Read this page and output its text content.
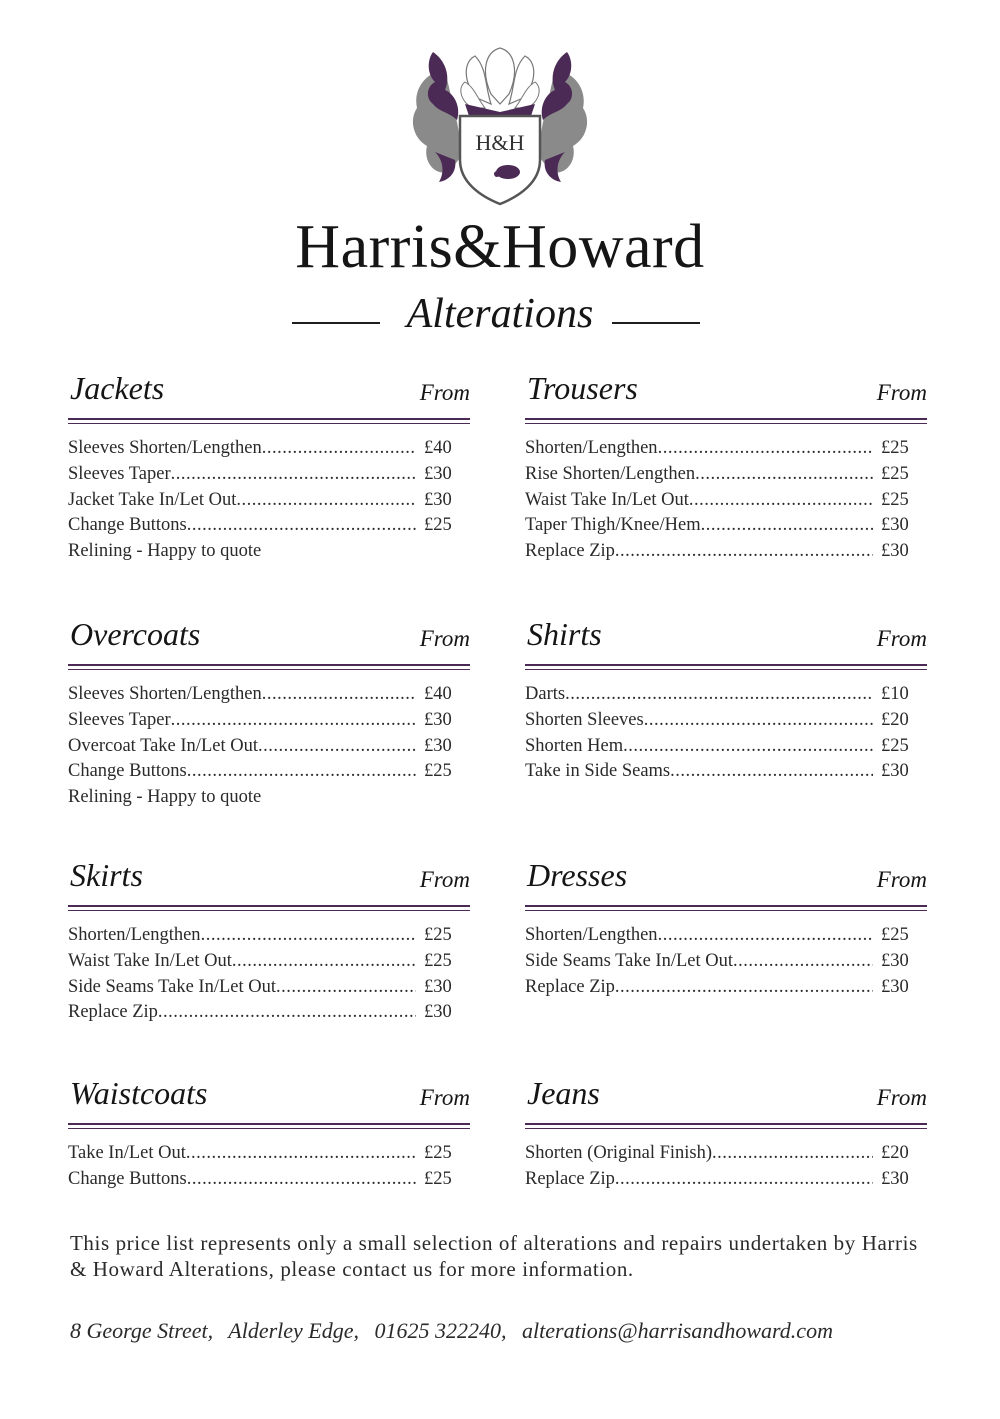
H&H
Harris&Howard
Alterations
Jackets	From
Sleeves Shorten/Lengthen .....	£40
Sleeves Taper .....	£30
Jacket Take In/Let Out .....	£30
Change Buttons .....	£25
Relining - Happy to quote
Trousers	From
Shorten/Lengthen .....	£25
Rise Shorten/Lengthen .....	£25
Waist Take In/Let Out .....	£25
Taper Thigh/Knee/Hem .....	£30
Replace Zip .....	£30
Overcoats	From
Sleeves Shorten/Lengthen .....	£40
Sleeves Taper .....	£30
Overcoat Take In/Let Out .....	£30
Change Buttons .....	£25
Relining - Happy to quote
Shirts	From
Darts .....	£10
Shorten Sleeves .....	£20
Shorten Hem .....	£25
Take in Side Seams .....	£30
Skirts	From
Shorten/Lengthen .....	£25
Waist Take In/Let Out .....	£25
Side Seams Take In/Let Out .....	£30
Replace Zip .....	£30
Dresses	From
Shorten/Lengthen .....	£25
Side Seams Take In/Let Out .....	£30
Replace Zip .....	£30
Waistcoats	From
Take In/Let Out .....	£25
Change Buttons .....	£25
Jeans	From
Shorten (Original Finish) .....	£20
Replace Zip .....	£30
This price list represents only a small selection of alterations and repairs undertaken by Harris & Howard Alterations, please contact us for more information.
8 George Street, Alderley Edge, 01625 322240, alterations@harrisandhoward.com
